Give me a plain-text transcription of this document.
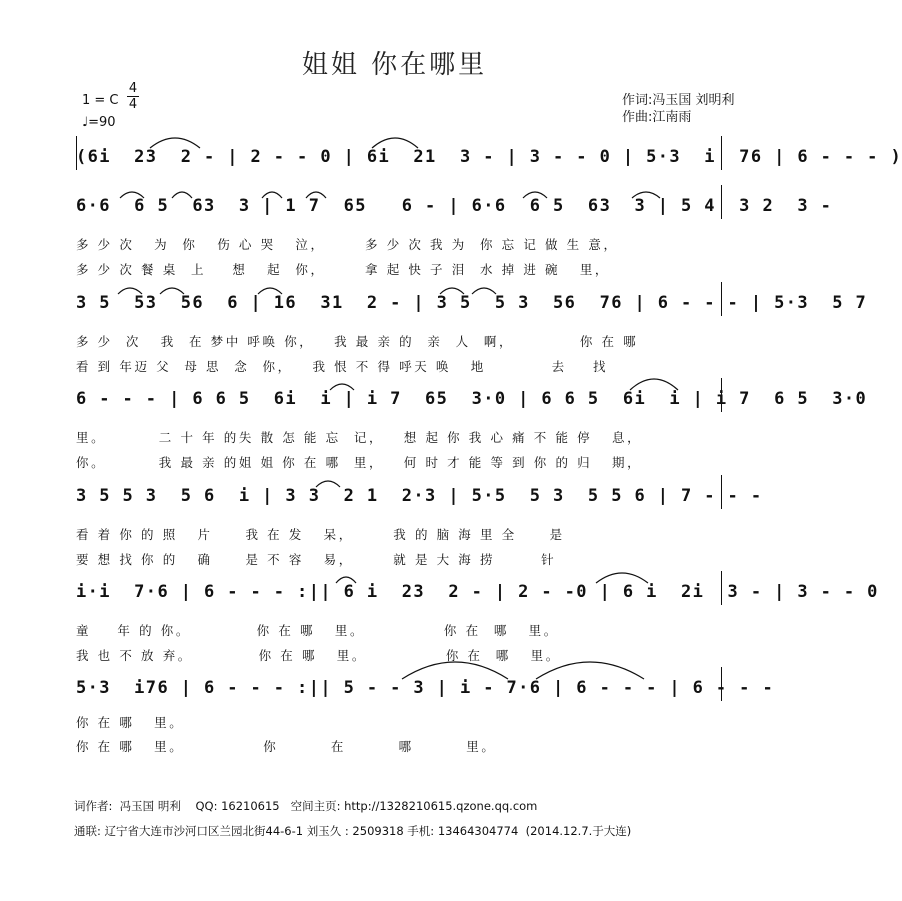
姐姐 你在哪里
1 = C
4
4
♩=90
作词:冯玉国 刘明利
作曲:江南雨
(6i  23  2 - | 2 - - 0 | 6i  21  3 - | 3 - - 0 | 5·3  i  76 | 6 - - - )
6·6  6 5  63  3 | 1 7  65   6 - | 6·6  6 5  63  3 | 5 4  3 2  3 -
多 少 次   为  你   伤 心 哭   泣，      多 少 次 我 为  你 忘 记 做 生 意，
多 少 次 餐 桌  上    想   起  你，      拿 起 快 子 泪  水 掉 进 碗   里，
3 5  53  56  6 | 16  31  2 - | 3 5  5 3  56  76 | 6 - - - | 5·3  5 7
多 少  次   我  在 梦中 呼唤 你，   我 最 亲 的  亲  人  啊，          你 在 哪
看 到 年迈 父  母 思  念  你，   我 恨 不 得 呼天 唤   地          去    找
6 - - - | 6 6 5  6i  i | i 7  65  3·0 | 6 6 5  6i  i | i 7  6 5  3·0
里。        二 十 年 的失 散 怎 能 忘  记，   想 起 你 我 心 痛 不 能 停   息，
你。        我 最 亲 的姐 姐 你 在 哪  里，   何 时 才 能 等 到 你 的 归   期，
3 5 5 3  5 6  i | 3 3  2 1  2·3 | 5·5  5 3  5 5 6 | 7 - - -
看 着 你 的 照   片     我 在 发   呆，      我 的 脑 海 里 全     是
要 想 找 你 的   确     是 不 容   易，      就 是 大 海 捞       针
i·i  7·6 | 6 - - - :|| 6 i  23  2 - | 2 - -0 | 6 i  2i  3 - | 3 - - 0
童    年 的 你。          你 在 哪   里。            你 在  哪   里。
我 也 不 放 弃。          你 在 哪   里。            你 在  哪   里。
5·3  i76 | 6 - - - :|| 5 - - 3 | i - 7·6 | 6 - - - | 6 - - -
你 在 哪   里。
你 在 哪   里。            你        在        哪        里。
词作者:  冯玉国 明利    QQ: 16210615   空间主页: http://1328210615.qzone.qq.com
通联: 辽宁省大连市沙河口区兰园北街44-6-1 刘玉久 : 2509318 手机: 13464304774  (2014.12.7.于大连)
